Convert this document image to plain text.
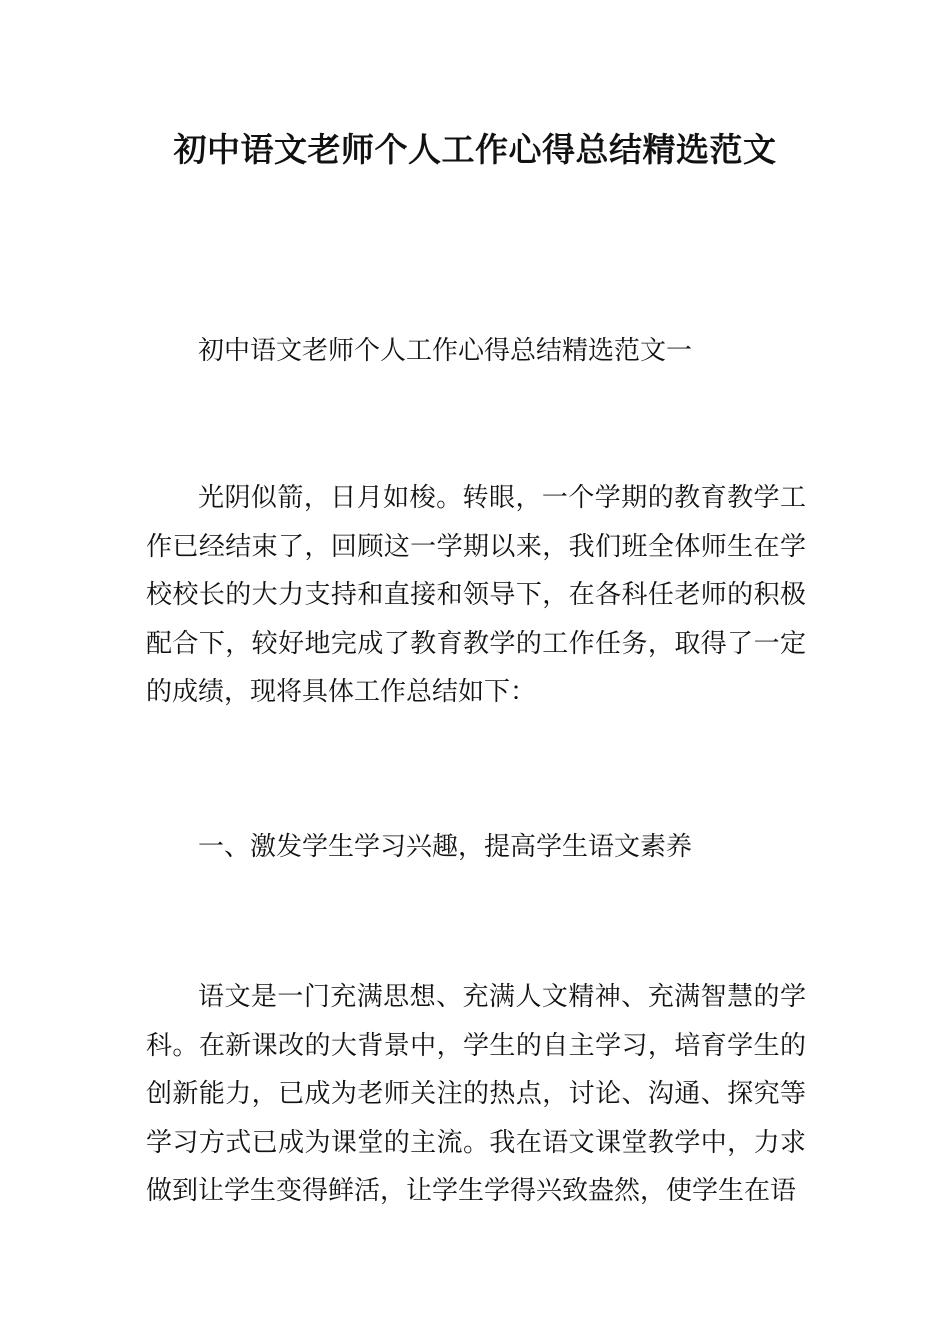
初中语文老师个人工作心得总结精选范文

初中语文老师个人工作心得总结精选范文一

光阴似箭，日月如梭。转眼，一个学期的教育教学工作已经结束了，回顾这一学期以来，我们班全体师生在学校校长的大力支持和直接和领导下，在各科任老师的积极配合下，较好地完成了教育教学的工作任务，取得了一定的成绩，现将具体工作总结如下：

一、激发学生学习兴趣，提高学生语文素养

语文是一门充满思想、充满人文精神、充满智慧的学科。在新课改的大背景中，学生的自主学习，培育学生的创新能力，已成为老师关注的热点，讨论、沟通、探究等学习方式已成为课堂的主流。我在语文课堂教学中，力求做到让学生变得鲜活，让学生学得兴致盎然，使学生在语
